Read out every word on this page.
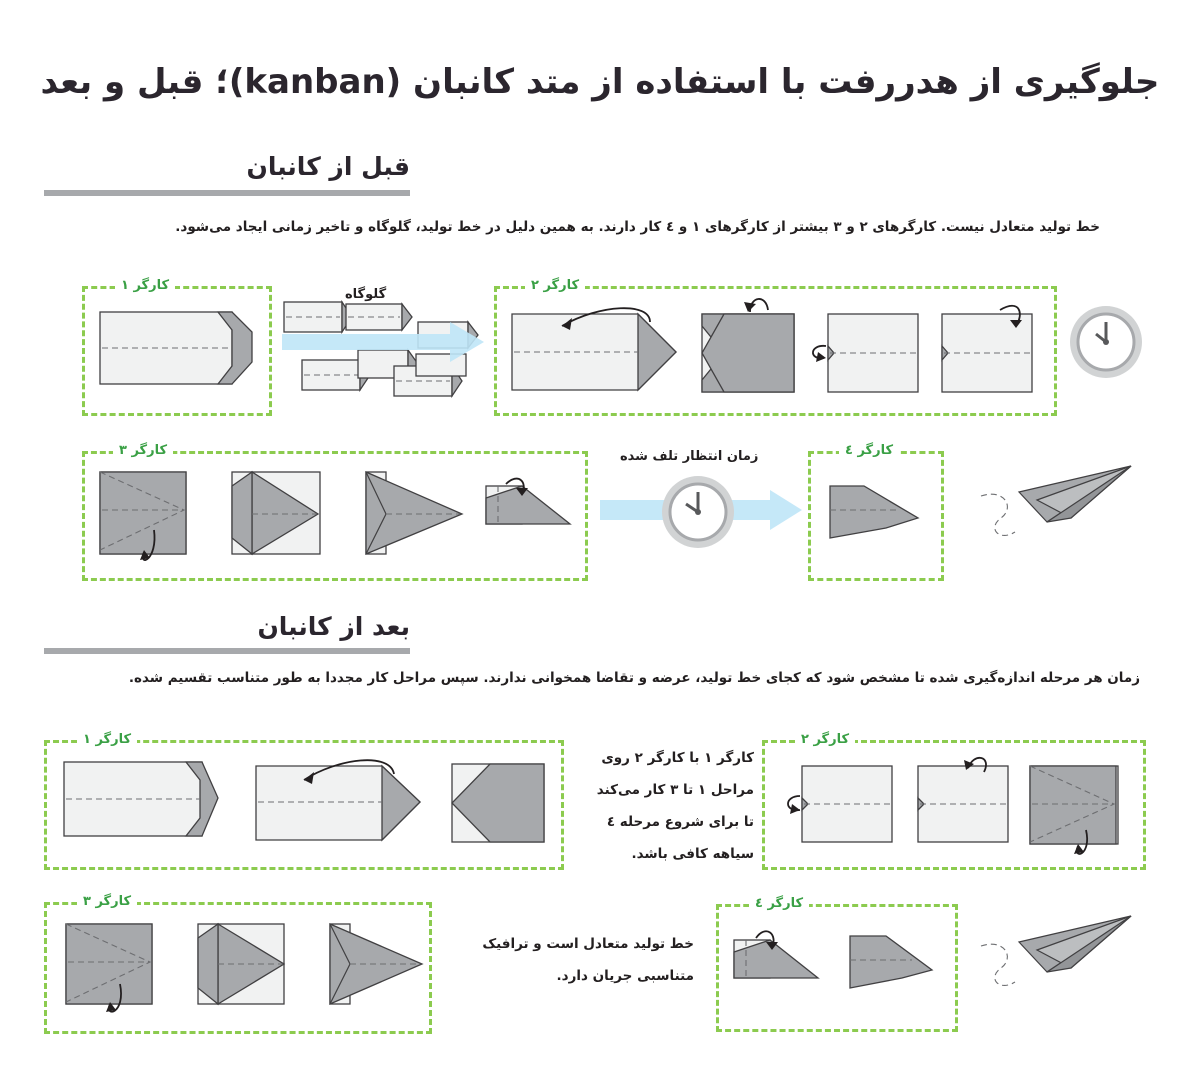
جلوگیری از هدررفت با استفاده از متد کانبان (kanban)؛ قبل و بعد
قبل از کانبان
خط تولید متعادل نیست. کارگرهای ۲ و ۳ بیشتر از کارگرهای ۱ و ٤ کار دارند. به همین دلیل در خط تولید، گلوگاه و تاخیر زمانی ایجاد می‌شود.
کارگر ۱
گلوگاه
کارگر ۲
کارگر ۳	زمان انتظار تلف شده	کارگر ٤
بعد از کانبان
زمان هر مرحله اندازه‌گیری شده تا مشخص شود که کجای خط تولید، عرضه و تقاضا همخوانی ندارند. سپس مراحل کار مجددا به طور متناسب تقسیم شده.
کارگر ۱
کارگر ۱ با کارگر ۲ روی
مراحل ۱ تا ۳ کار می‌کند
تا برای شروع مرحله ٤
سیاهه کافی باشد.
کارگر ۲
کارگر ۳
خط تولید متعادل است و ترافیک
متناسبی جریان دارد.
کارگر ٤
